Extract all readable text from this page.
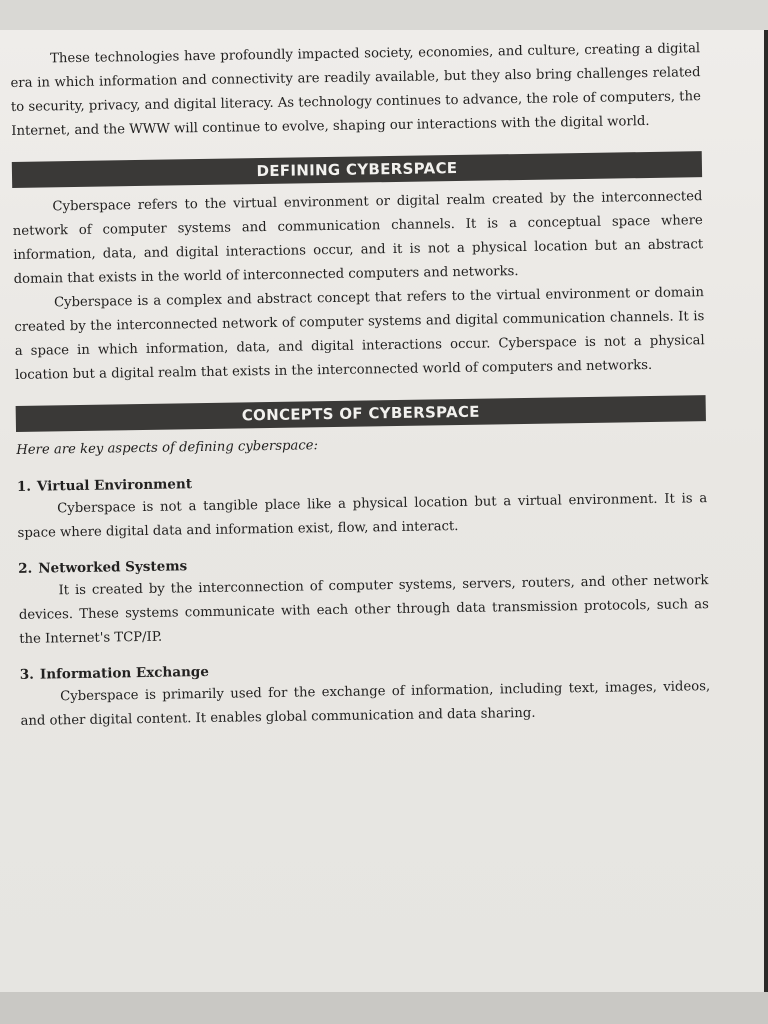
These technologies have profoundly impacted society, economies, and culture, creating a digital era in which information and connectivity are readily available, but they also bring challenges related to security, privacy, and digital literacy. As technology continues to advance, the role of computers, the Internet, and the WWW will continue to evolve, shaping our interactions with the digital world.

DEFINING CYBERSPACE

Cyberspace refers to the virtual environment or digital realm created by the interconnected network of computer systems and communication channels. It is a conceptual space where information, data, and digital interactions occur, and it is not a physical location but an abstract domain that exists in the world of interconnected computers and networks.

Cyberspace is a complex and abstract concept that refers to the virtual environment or domain created by the interconnected network of computer systems and digital communication channels. It is a space in which information, data, and digital interactions occur. Cyberspace is not a physical location but a digital realm that exists in the interconnected world of computers and networks.

CONCEPTS OF CYBERSPACE
Here are key aspects of defining cyberspace:
1. Virtual Environment

Cyberspace is not a tangible place like a physical location but a virtual environment. It is a space where digital data and information exist, flow, and interact.

2. Networked Systems

It is created by the interconnection of computer systems, servers, routers, and other network devices. These systems communicate with each other through data transmission protocols, such as the Internet's TCP/IP.

3. Information Exchange

Cyberspace is primarily used for the exchange of information, including text, images, videos, and other digital content. It enables global communication and data sharing.
